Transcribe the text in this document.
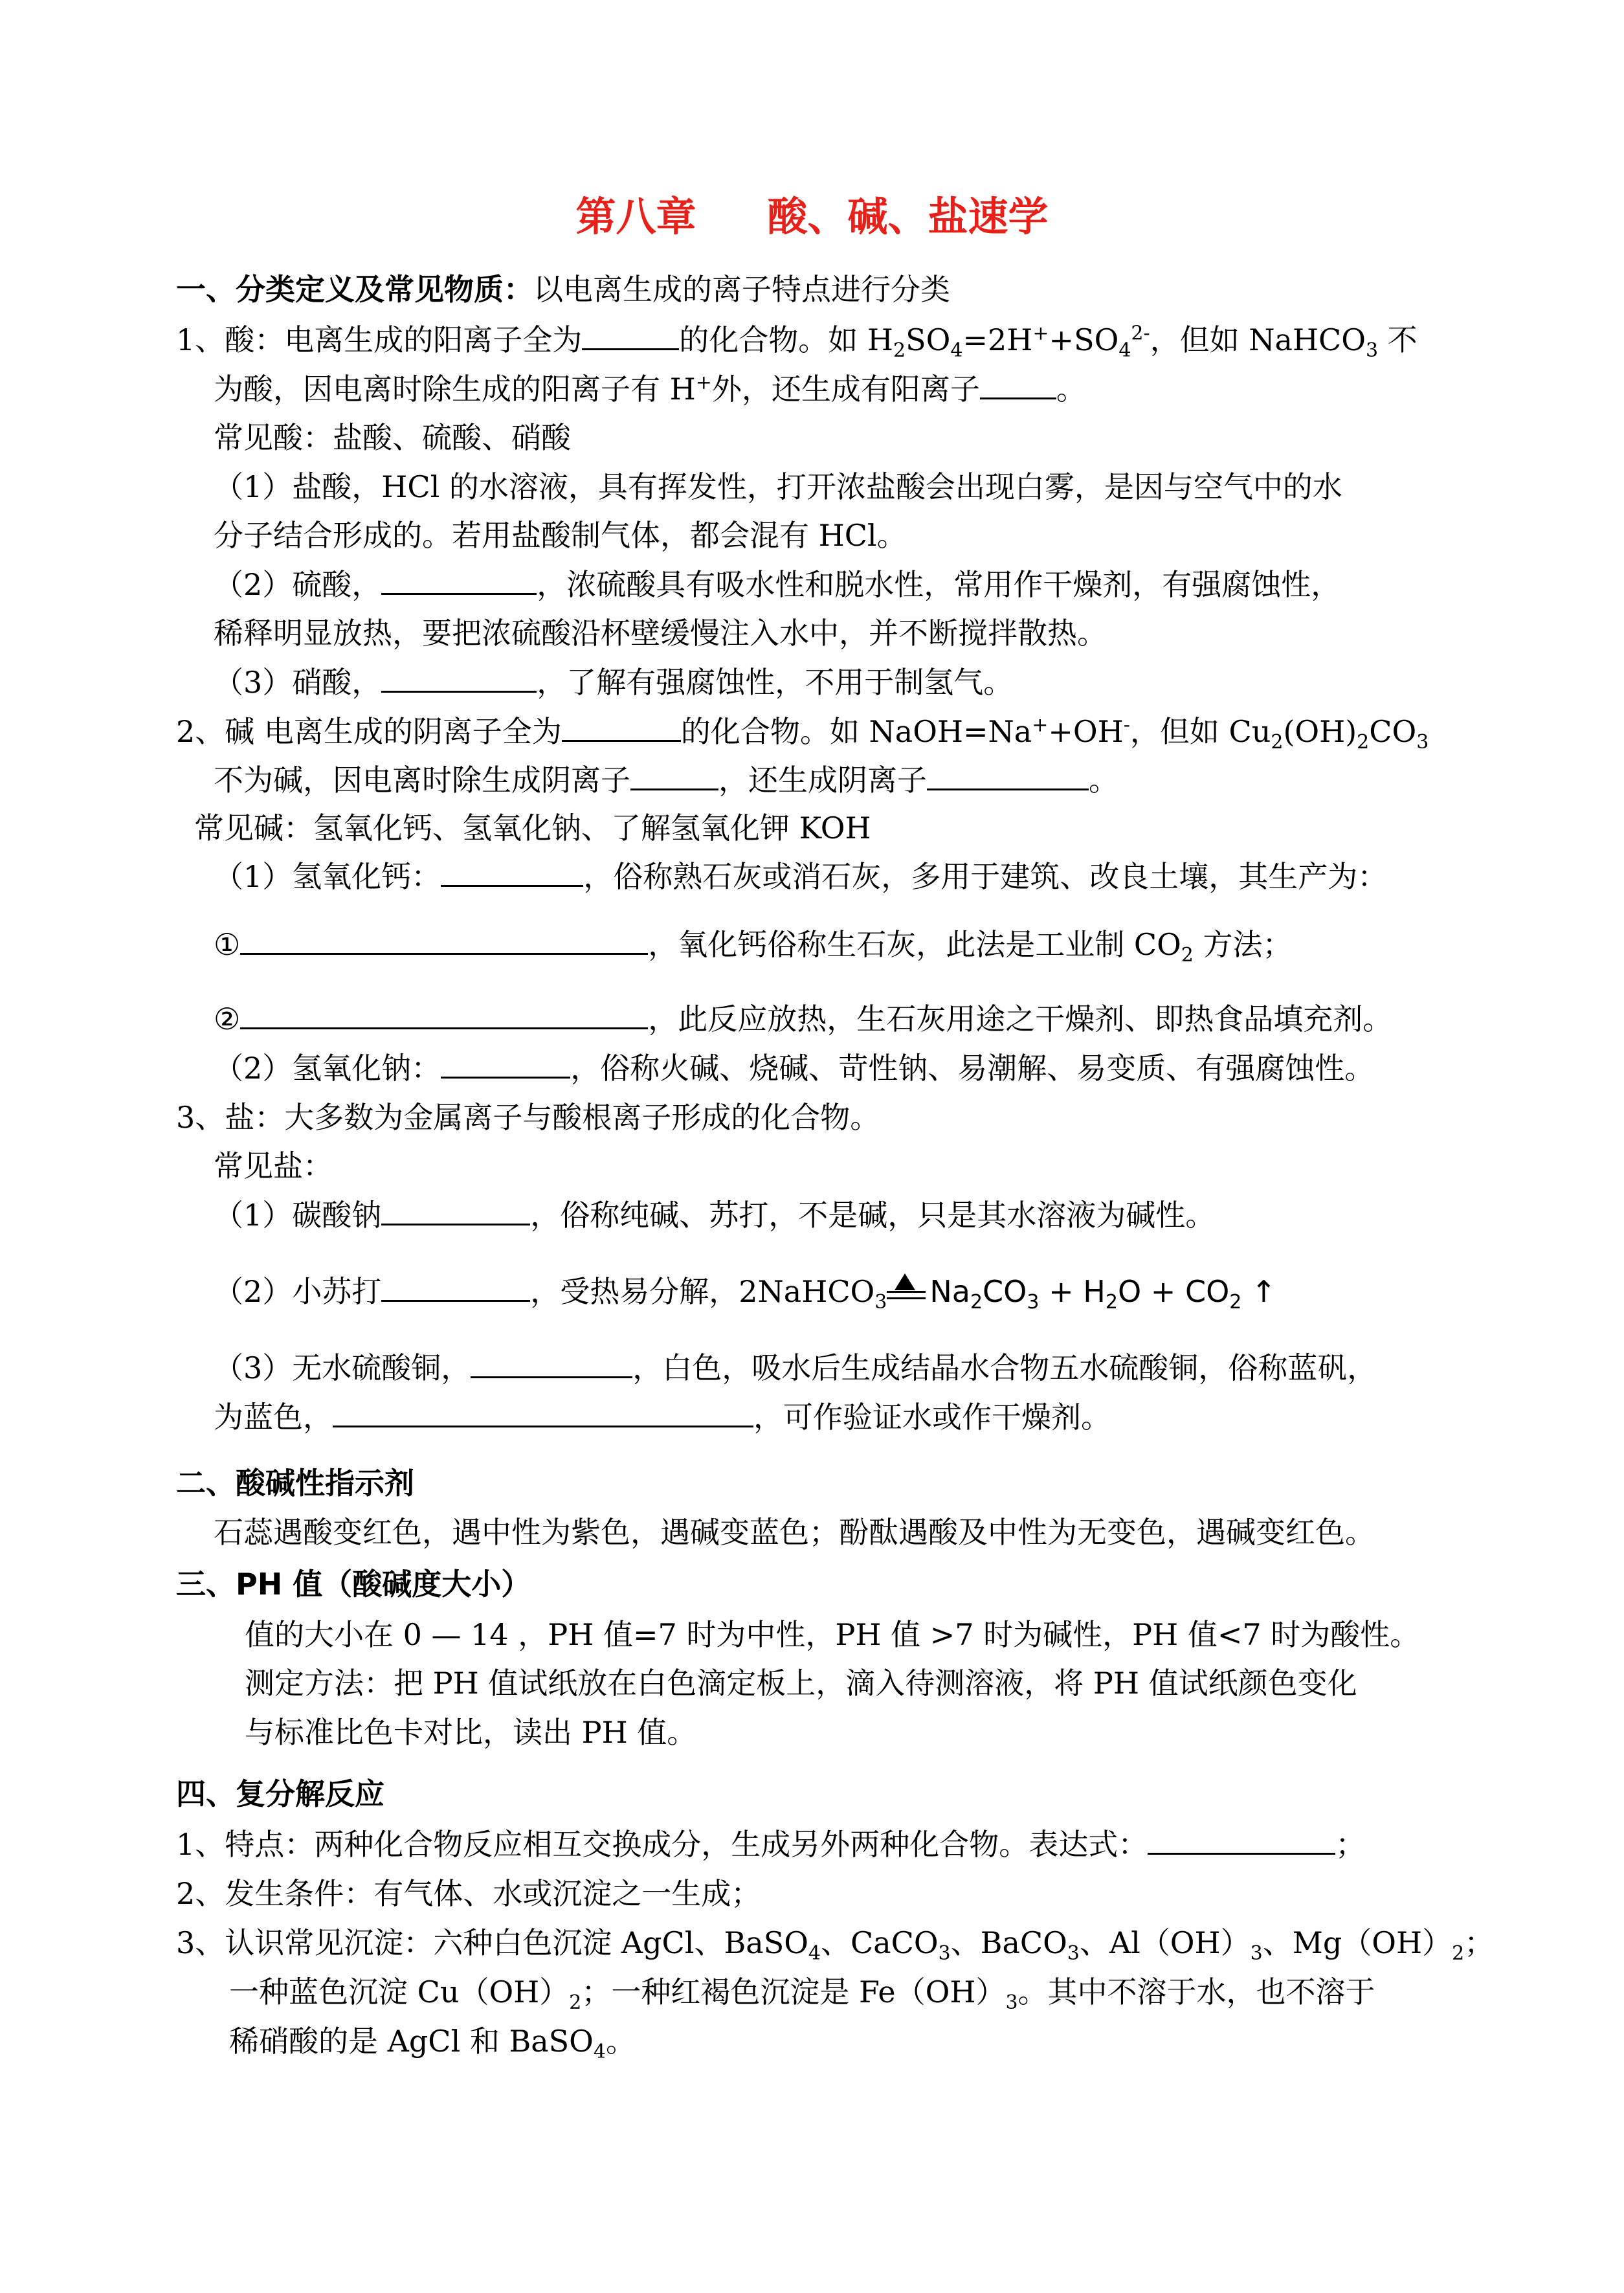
第八章 酸、碱、盐速学
一、分类定义及常见物质：以电离生成的离子特点进行分类
1、酸：电离生成的阳离子全为	的化合物。如 $H_2SO_4=2H^++SO_4^{2-}$，但如 NaHCO$_3$ 不
为酸，因电离时除生成的阳离子有 H+外，还生成有阳离子	。
常见酸：盐酸、硫酸、硝酸
（1）盐酸，HCl 的水溶液，具有挥发性，打开浓盐酸会出现白雾，是因与空气中的水
分子结合形成的。若用盐酸制气体，都会混有 HCl。
（2）硫酸，	，浓硫酸具有吸水性和脱水性，常用作干燥剂，有强腐蚀性，
稀释明显放热，要把浓硫酸沿杯壁缓慢注入水中，并不断搅拌散热。
（3）硝酸，	，了解有强腐蚀性，不用于制氢气。
2、碱 电离生成的阴离子全为	的化合物。如 NaOH=Na++OH-，但如 $Cu_2(OH)_2CO_3$
不为碱，因电离时除生成阴离子	，还生成阴离子	。
常见碱：氢氧化钙、氢氧化钠、了解氢氧化钾 KOH
（1）氢氧化钙：	，俗称熟石灰或消石灰，多用于建筑、改良土壤，其生产为：
①	，氧化钙俗称生石灰，此法是工业制 $CO_2$ 方法；
②	，此反应放热，生石灰用途之干燥剂、即热食品填充剂。
（2）氢氧化钠：	，俗称火碱、烧碱、苛性钠、易潮解、易变质、有强腐蚀性。
3、盐：大多数为金属离子与酸根离子形成的化合物。
常见盐：
（1）碳酸钠	，俗称纯碱、苏打，不是碱，只是其水溶液为碱性。
（2）小苏打	，受热易分解，2NaHCO$_3$ $Na_2CO_3 + H_2O + CO_2$ ↑
（3）无水硫酸铜，	，白色，吸水后生成结晶水合物五水硫酸铜，俗称蓝矾，
为蓝色，	，可作验证水或作干燥剂。
二、酸碱性指示剂
石蕊遇酸变红色，遇中性为紫色，遇碱变蓝色；酚酞遇酸及中性为无变色，遇碱变红色。
三、PH 值（酸碱度大小）
值的大小在 0 — 14 ，PH 值=7 时为中性，PH 值 >7 时为碱性，PH 值<7 时为酸性。
测定方法：把 PH 值试纸放在白色滴定板上，滴入待测溶液，将 PH 值试纸颜色变化
与标准比色卡对比，读出 PH 值。
四、复分解反应
1、特点：两种化合物反应相互交换成分，生成另外两种化合物。表达式：	；
2、发生条件：有气体、水或沉淀之一生成；
3、认识常见沉淀：六种白色沉淀 AgCl、BaSO$_4$、CaCO$_3$、BaCO$_3$、$Al(OH)_3$、$Mg(OH)_2$；
一种蓝色沉淀 $Cu(OH)_2$；一种红褐色沉淀是 $Fe(OH)_3$。其中不溶于水，也不溶于
稀硝酸的是 AgCl 和 BaSO$_4$。
